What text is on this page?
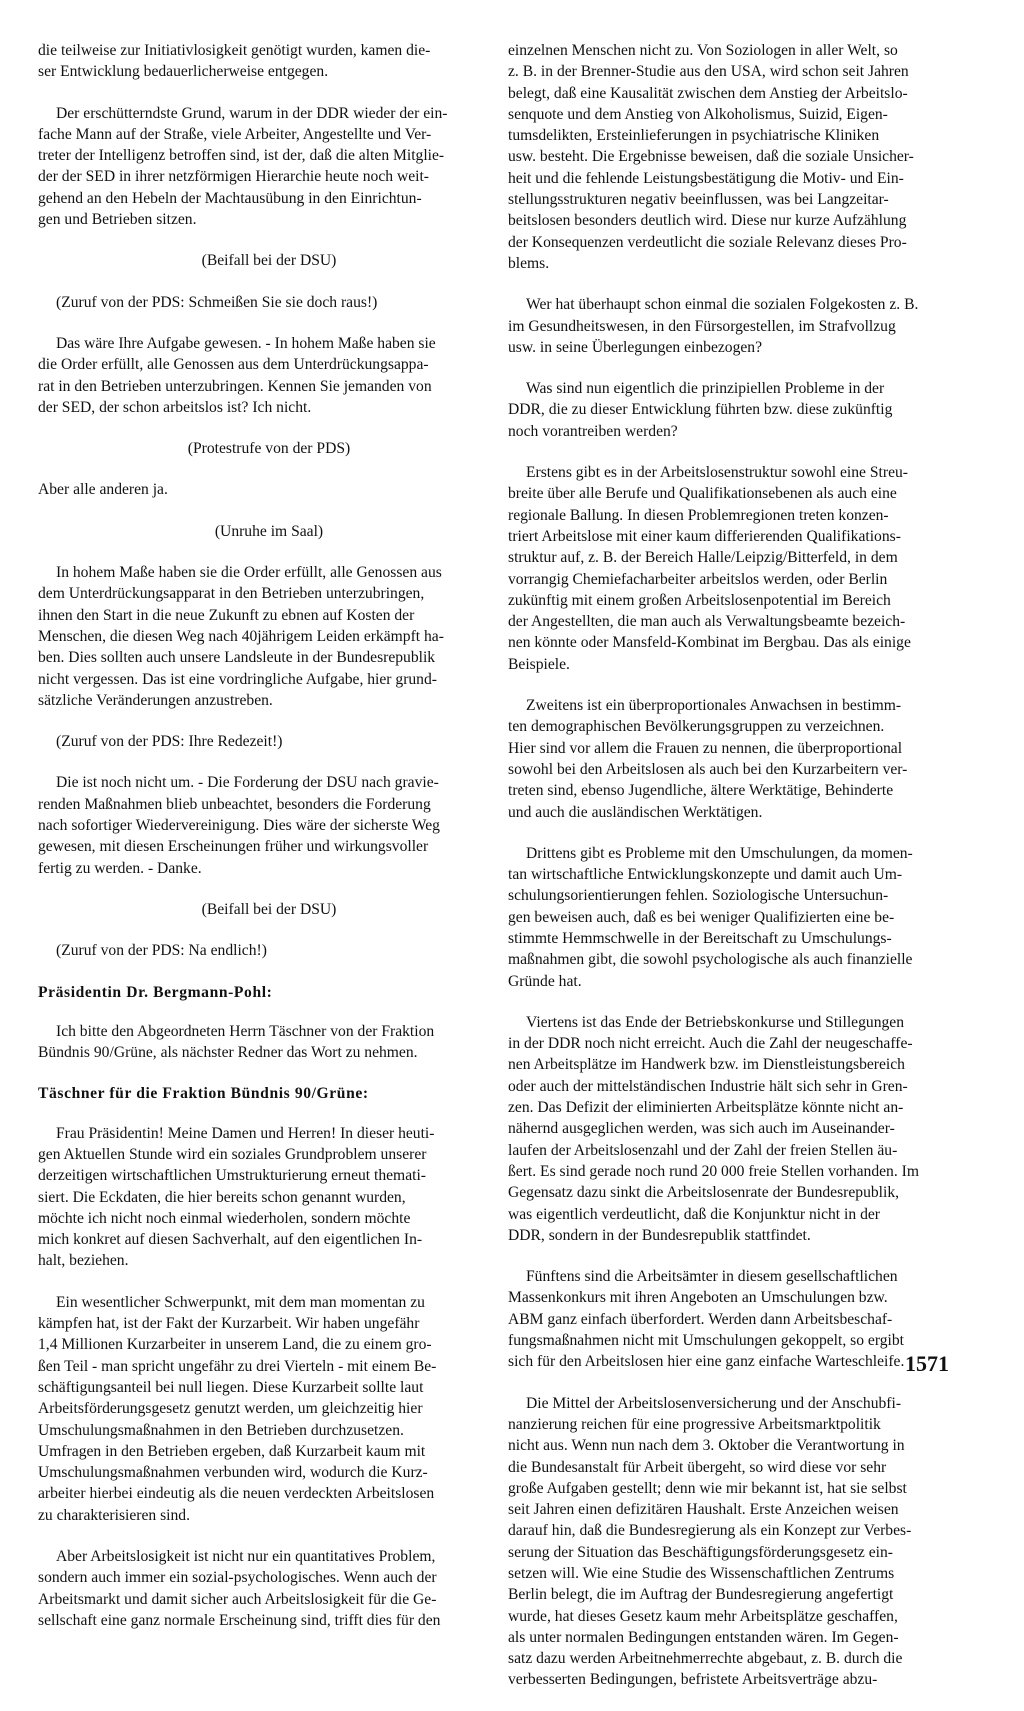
die teilweise zur Initiativlosigkeit genötigt wurden, kamen die-
ser Entwicklung bedauerlicherweise entgegen.

Der erschütterndste Grund, warum in der DDR wieder der ein-
fache Mann auf der Straße, viele Arbeiter, Angestellte und Ver-
treter der Intelligenz betroffen sind, ist der, daß die alten Mitglie-
der der SED in ihrer netzförmigen Hierarchie heute noch weit-
gehend an den Hebeln der Machtausübung in den Einrichtun-
gen und Betrieben sitzen.

(Beifall bei der DSU)

(Zuruf von der PDS: Schmeißen Sie sie doch raus!)

Das wäre Ihre Aufgabe gewesen. - In hohem Maße haben sie
die Order erfüllt, alle Genossen aus dem Unterdrückungsappa-
rat in den Betrieben unterzubringen. Kennen Sie jemanden von
der SED, der schon arbeitslos ist? Ich nicht.

(Protestrufe von der PDS)

Aber alle anderen ja.

(Unruhe im Saal)

In hohem Maße haben sie die Order erfüllt, alle Genossen aus
dem Unterdrückungsapparat in den Betrieben unterzubringen,
ihnen den Start in die neue Zukunft zu ebnen auf Kosten der
Menschen, die diesen Weg nach 40jährigem Leiden erkämpft ha-
ben. Dies sollten auch unsere Landsleute in der Bundesrepublik
nicht vergessen. Das ist eine vordringliche Aufgabe, hier grund-
sätzliche Veränderungen anzustreben.

(Zuruf von der PDS: Ihre Redezeit!)

Die ist noch nicht um. - Die Forderung der DSU nach gravie-
renden Maßnahmen blieb unbeachtet, besonders die Forderung
nach sofortiger Wiedervereinigung. Dies wäre der sicherste Weg
gewesen, mit diesen Erscheinungen früher und wirkungsvoller
fertig zu werden. - Danke.

(Beifall bei der DSU)

(Zuruf von der PDS: Na endlich!)

Präsidentin Dr. Bergmann-Pohl:

Ich bitte den Abgeordneten Herrn Täschner von der Fraktion
Bündnis 90/Grüne, als nächster Redner das Wort zu nehmen.

Täschner für die Fraktion Bündnis 90/Grüne:

Frau Präsidentin! Meine Damen und Herren! In dieser heuti-
gen Aktuellen Stunde wird ein soziales Grundproblem unserer
derzeitigen wirtschaftlichen Umstrukturierung erneut themati-
siert. Die Eckdaten, die hier bereits schon genannt wurden,
möchte ich nicht noch einmal wiederholen, sondern möchte
mich konkret auf diesen Sachverhalt, auf den eigentlichen In-
halt, beziehen.

Ein wesentlicher Schwerpunkt, mit dem man momentan zu
kämpfen hat, ist der Fakt der Kurzarbeit. Wir haben ungefähr
1,4 Millionen Kurzarbeiter in unserem Land, die zu einem gro-
ßen Teil - man spricht ungefähr zu drei Vierteln - mit einem Be-
schäftigungsanteil bei null liegen. Diese Kurzarbeit sollte laut
Arbeitsförderungsgesetz genutzt werden, um gleichzeitig hier
Umschulungsmaßnahmen in den Betrieben durchzusetzen.
Umfragen in den Betrieben ergeben, daß Kurzarbeit kaum mit
Umschulungsmaßnahmen verbunden wird, wodurch die Kurz-
arbeiter hierbei eindeutig als die neuen verdeckten Arbeitslosen
zu charakterisieren sind.

Aber Arbeitslosigkeit ist nicht nur ein quantitatives Problem,
sondern auch immer ein sozial-psychologisches. Wenn auch der
Arbeitsmarkt und damit sicher auch Arbeitslosigkeit für die Ge-
sellschaft eine ganz normale Erscheinung sind, trifft dies für den

einzelnen Menschen nicht zu. Von Soziologen in aller Welt, so
z. B. in der Brenner-Studie aus den USA, wird schon seit Jahren
belegt, daß eine Kausalität zwischen dem Anstieg der Arbeitslo-
senquote und dem Anstieg von Alkoholismus, Suizid, Eigen-
tumsdelikten, Ersteinlieferungen in psychiatrische Kliniken
usw. besteht. Die Ergebnisse beweisen, daß die soziale Unsicher-
heit und die fehlende Leistungsbestätigung die Motiv- und Ein-
stellungsstrukturen negativ beeinflussen, was bei Langzeitar-
beitslosen besonders deutlich wird. Diese nur kurze Aufzählung
der Konsequenzen verdeutlicht die soziale Relevanz dieses Pro-
blems.

Wer hat überhaupt schon einmal die sozialen Folgekosten z. B.
im Gesundheitswesen, in den Fürsorgestellen, im Strafvollzug
usw. in seine Überlegungen einbezogen?

Was sind nun eigentlich die prinzipiellen Probleme in der
DDR, die zu dieser Entwicklung führten bzw. diese zukünftig
noch vorantreiben werden?

Erstens gibt es in der Arbeitslosenstruktur sowohl eine Streu-
breite über alle Berufe und Qualifikationsebenen als auch eine
regionale Ballung. In diesen Problemregionen treten konzen-
triert Arbeitslose mit einer kaum differierenden Qualifikations-
struktur auf, z. B. der Bereich Halle/Leipzig/Bitterfeld, in dem
vorrangig Chemiefacharbeiter arbeitslos werden, oder Berlin
zukünftig mit einem großen Arbeitslosenpotential im Bereich
der Angestellten, die man auch als Verwaltungsbeamte bezeich-
nen könnte oder Mansfeld-Kombinat im Bergbau. Das als einige
Beispiele.

Zweitens ist ein überproportionales Anwachsen in bestimm-
ten demographischen Bevölkerungsgruppen zu verzeichnen.
Hier sind vor allem die Frauen zu nennen, die überproportional
sowohl bei den Arbeitslosen als auch bei den Kurzarbeitern ver-
treten sind, ebenso Jugendliche, ältere Werktätige, Behinderte
und auch die ausländischen Werktätigen.

Drittens gibt es Probleme mit den Umschulungen, da momen-
tan wirtschaftliche Entwicklungskonzepte und damit auch Um-
schulungsorientierungen fehlen. Soziologische Untersuchun-
gen beweisen auch, daß es bei weniger Qualifizierten eine be-
stimmte Hemmschwelle in der Bereitschaft zu Umschulungs-
maßnahmen gibt, die sowohl psychologische als auch finanzielle
Gründe hat.

Viertens ist das Ende der Betriebskonkurse und Stillegungen
in der DDR noch nicht erreicht. Auch die Zahl der neugeschaffe-
nen Arbeitsplätze im Handwerk bzw. im Dienstleistungsbereich
oder auch der mittelständischen Industrie hält sich sehr in Gren-
zen. Das Defizit der eliminierten Arbeitsplätze könnte nicht an-
nähernd ausgeglichen werden, was sich auch im Auseinander-
laufen der Arbeitslosenzahl und der Zahl der freien Stellen äu-
ßert. Es sind gerade noch rund 20 000 freie Stellen vorhanden. Im
Gegensatz dazu sinkt die Arbeitslosenrate der Bundesrepublik,
was eigentlich verdeutlicht, daß die Konjunktur nicht in der
DDR, sondern in der Bundesrepublik stattfindet.

Fünftens sind die Arbeitsämter in diesem gesellschaftlichen
Massenkonkurs mit ihren Angeboten an Umschulungen bzw.
ABM ganz einfach überfordert. Werden dann Arbeitsbeschaf-
fungsmaßnahmen nicht mit Umschulungen gekoppelt, so ergibt
sich für den Arbeitslosen hier eine ganz einfache Warteschleife.

Die Mittel der Arbeitslosenversicherung und der Anschubfi-
nanzierung reichen für eine progressive Arbeitsmarktpolitik
nicht aus. Wenn nun nach dem 3. Oktober die Verantwortung in
die Bundesanstalt für Arbeit übergeht, so wird diese vor sehr
große Aufgaben gestellt; denn wie mir bekannt ist, hat sie selbst
seit Jahren einen defizitären Haushalt. Erste Anzeichen weisen
darauf hin, daß die Bundesregierung als ein Konzept zur Verbes-
serung der Situation das Beschäftigungsförderungsgesetz ein-
setzen will. Wie eine Studie des Wissenschaftlichen Zentrums
Berlin belegt, die im Auftrag der Bundesregierung angefertigt
wurde, hat dieses Gesetz kaum mehr Arbeitsplätze geschaffen,
als unter normalen Bedingungen entstanden wären. Im Gegen-
satz dazu werden Arbeitnehmerrechte abgebaut, z. B. durch die
verbesserten Bedingungen, befristete Arbeitsverträge abzu-

1571
